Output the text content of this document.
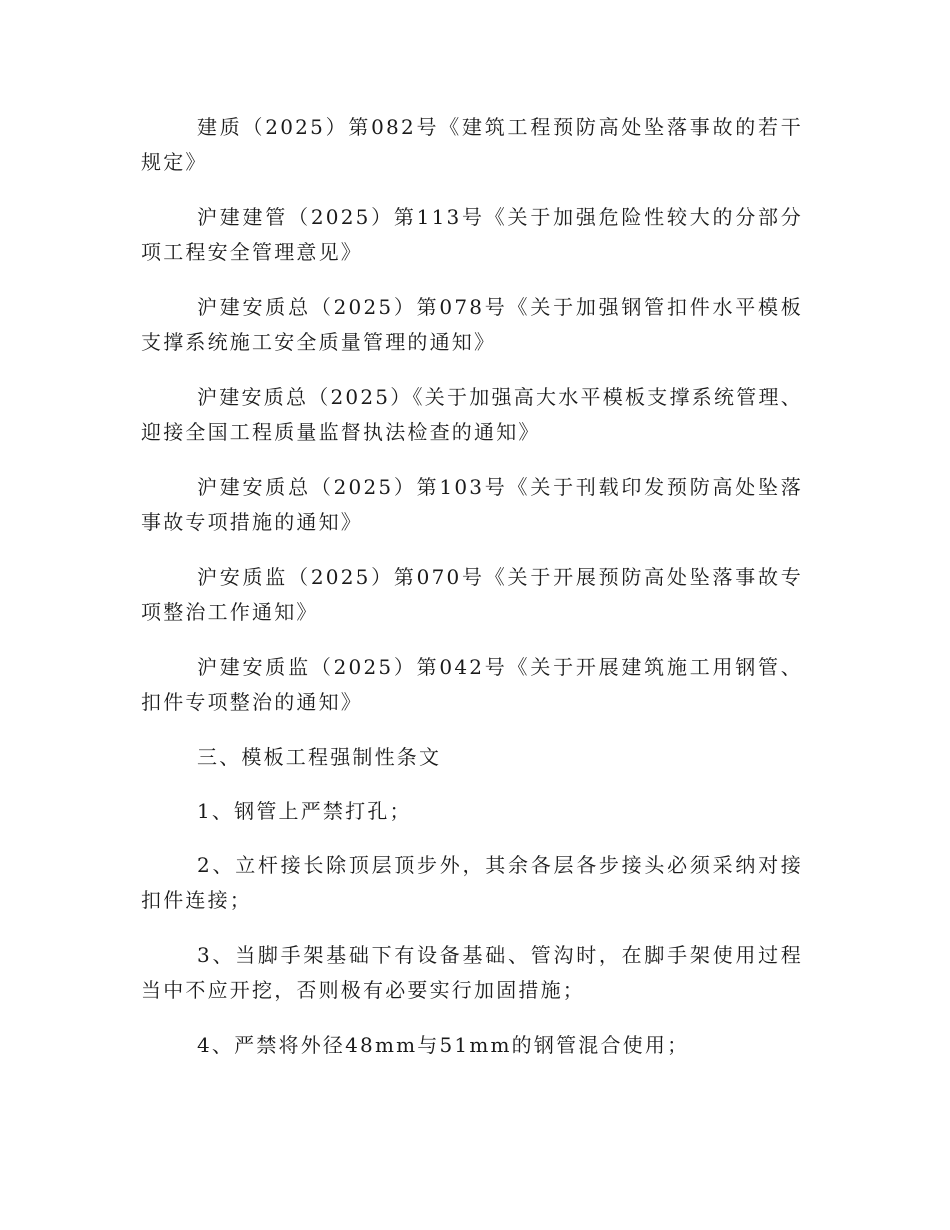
建质（2025）第082号《建筑工程预防高处坠落事故的若干规定》

沪建建管（2025）第113号《关于加强危险性较大的分部分项工程安全管理意见》

沪建安质总（2025）第078号《关于加强钢管扣件水平模板支撑系统施工安全质量管理的通知》

沪建安质总（2025）《关于加强高大水平模板支撑系统管理、迎接全国工程质量监督执法检查的通知》

沪建安质总（2025）第103号《关于刊载印发预防高处坠落事故专项措施的通知》

沪安质监（2025）第070号《关于开展预防高处坠落事故专项整治工作通知》

沪建安质监（2025）第042号《关于开展建筑施工用钢管、扣件专项整治的通知》

三、模板工程强制性条文

1、钢管上严禁打孔；

2、立杆接长除顶层顶步外，其余各层各步接头必须采纳对接扣件连接；

3、当脚手架基础下有设备基础、管沟时，在脚手架使用过程当中不应开挖，否则极有必要实行加固措施；

4、严禁将外径48mm与51mm的钢管混合使用；
